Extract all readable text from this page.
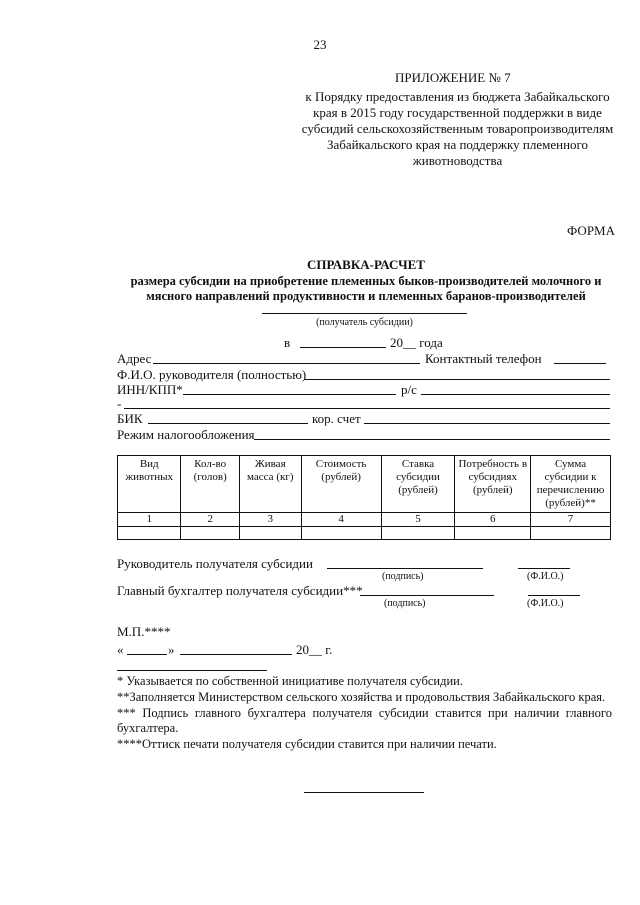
23
ПРИЛОЖЕНИЕ № 7
к Порядку предоставления из бюджета Забайкальского
края в 2015 году государственной поддержки в виде
субсидий сельскохозяйственным товаропроизводителям
Забайкальского края на поддержку племенного
животноводства
ФОРМА
СПРАВКА-РАСЧЕТ
размера субсидии на приобретение племенных быков-производителей молочного и
мясного направлений продуктивности и племенных баранов-производителей
(получатель субсидии)
в	20__ года
Адрес	Контактный телефон
Ф.И.О. руководителя (полностью)
ИНН/КПП*	р/с
-
БИК	кор. счет
Режим налогообложения
Вид животных	Кол-во (голов)	Живая масса (кг)	Стоимость (рублей)	Ставка субсидии (рублей)	Потребность в субсидиях (рублей)	Сумма субсидии к перечислению (рублей)**
1	2	3	4	5	6	7

Руководитель получателя субсидии
(подпись)	(Ф.И.О.)
Главный бухгалтер получателя субсидии***
(подпись)	(Ф.И.О.)
М.П.****
«	»	20__ г.
* Указывается по собственной инициативе получателя субсидии.
**Заполняется Министерством сельского хозяйства и продовольствия Забайкальского края.
*** Подпись главного бухгалтера получателя субсидии ставится при наличии главного бухгалтера.
****Оттиск печати получателя субсидии ставится при наличии печати.
